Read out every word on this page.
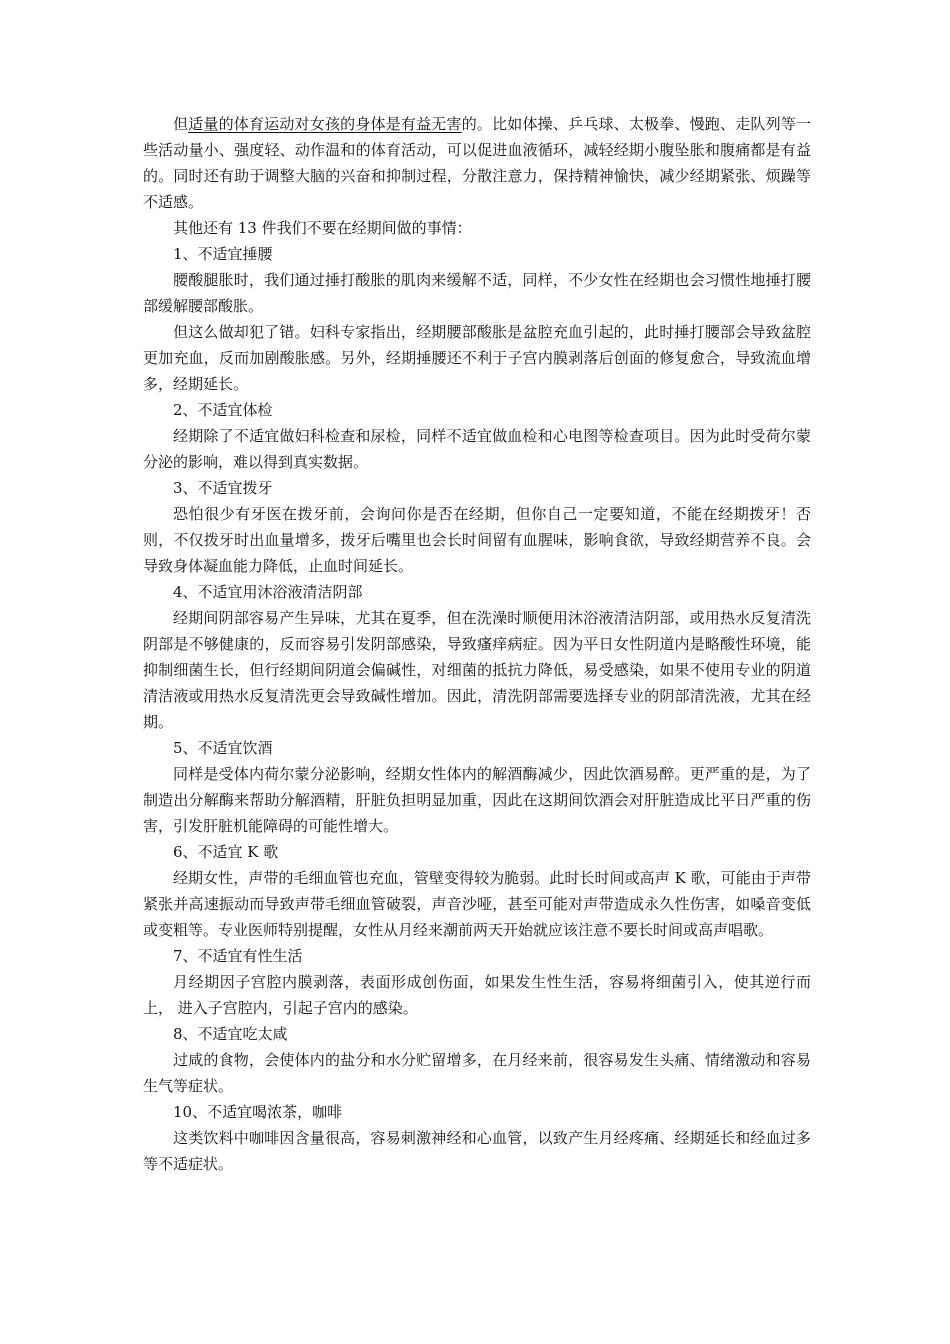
但适量的体育运动对女孩的身体是有益无害的。比如体操、乒乓球、太极拳、慢跑、走队列等一些活动量小、强度轻、动作温和的体育活动，可以促进血液循环，减轻经期小腹坠胀和腹痛都是有益的。同时还有助于调整大脑的兴奋和抑制过程，分散注意力，保持精神愉快，减少经期紧张、烦躁等不适感。

其他还有 13 件我们不要在经期间做的事情：

1、不适宜捶腰

腰酸腿胀时，我们通过捶打酸胀的肌肉来缓解不适，同样，不少女性在经期也会习惯性地捶打腰部缓解腰部酸胀。

但这么做却犯了错。妇科专家指出，经期腰部酸胀是盆腔充血引起的，此时捶打腰部会导致盆腔更加充血，反而加剧酸胀感。另外，经期捶腰还不利于子宫内膜剥落后创面的修复愈合，导致流血增多，经期延长。

2、不适宜体检

经期除了不适宜做妇科检查和尿检，同样不适宜做血检和心电图等检查项目。因为此时受荷尔蒙分泌的影响，难以得到真实数据。

3、不适宜拨牙

恐怕很少有牙医在拨牙前，会询问你是否在经期，但你自己一定要知道，不能在经期拨牙！否则，不仅拨牙时出血量增多，拨牙后嘴里也会长时间留有血腥味，影响食欲，导致经期营养不良。会导致身体凝血能力降低，止血时间延长。

4、不适宜用沐浴液清洁阴部

经期间阴部容易产生异味，尤其在夏季，但在洗澡时顺便用沐浴液清洁阴部，或用热水反复清洗阴部是不够健康的，反而容易引发阴部感染，导致瘙痒病症。因为平日女性阴道内是略酸性环境，能抑制细菌生长，但行经期间阴道会偏碱性，对细菌的抵抗力降低，易受感染，如果不使用专业的阴道清洁液或用热水反复清洗更会导致碱性增加。因此，清洗阴部需要选择专业的阴部清洗液，尤其在经期。

5、不适宜饮酒

同样是受体内荷尔蒙分泌影响，经期女性体内的解酒酶减少，因此饮酒易醉。更严重的是，为了制造出分解酶来帮助分解酒精，肝脏负担明显加重，因此在这期间饮酒会对肝脏造成比平日严重的伤害，引发肝脏机能障碍的可能性增大。

6、不适宜 K 歌

经期女性，声带的毛细血管也充血，管壁变得较为脆弱。此时长时间或高声 K 歌，可能由于声带紧张并高速振动而导致声带毛细血管破裂，声音沙哑，甚至可能对声带造成永久性伤害，如嗓音变低或变粗等。专业医师特别提醒，女性从月经来潮前两天开始就应该注意不要长时间或高声唱歌。

7、不适宜有性生活

月经期因子宫腔内膜剥落，表面形成创伤面，如果发生性生活，容易将细菌引入，使其逆行而上， 进入子宫腔内，引起子宫内的感染。

8、不适宜吃太咸

过咸的食物，会使体内的盐分和水分贮留增多，在月经来前，很容易发生头痛、情绪激动和容易生气等症状。

10、不适宜喝浓茶，咖啡

这类饮料中咖啡因含量很高，容易刺激神经和心血管，以致产生月经疼痛、经期延长和经血过多等不适症状。
